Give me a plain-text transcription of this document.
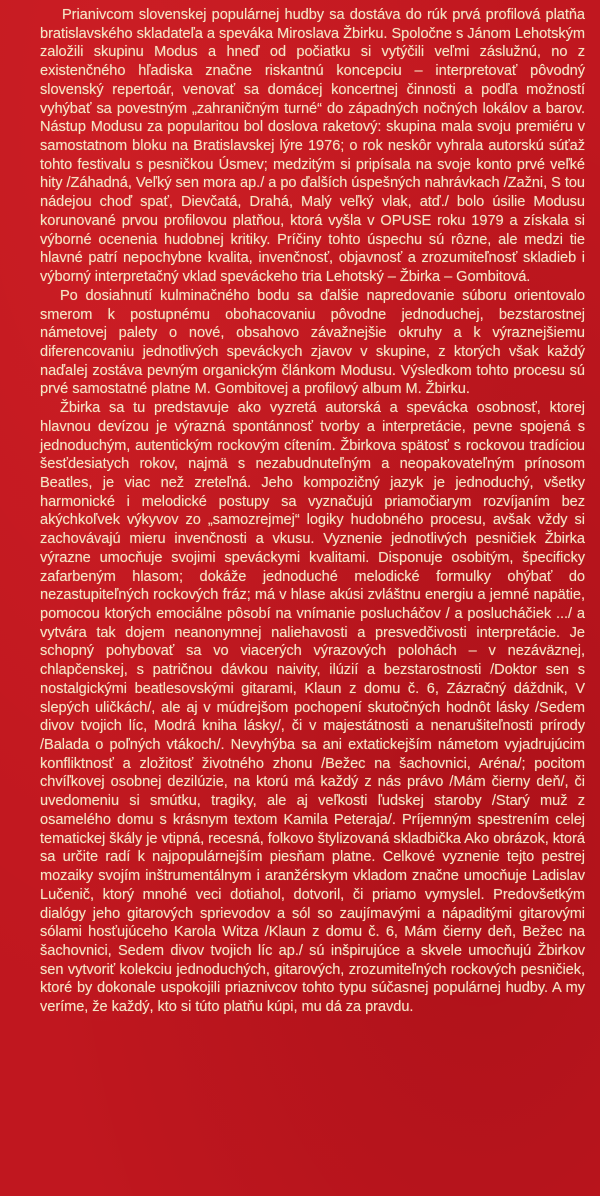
Prianivcom slovenskej populárnej hudby sa dostáva do rúk prvá profilová platňa bratislavského skladateľa a speváka Miroslava Žbirku. Spoločne s Jánom Lehotským založili skupinu Modus a hneď od počiatku si vytýčili veľmi záslužnú, no z existenčného hľadiska značne riskantnú koncepciu – interpretovať pôvodný slovenský repertoár, venovať sa domácej koncertnej činnosti a podľa možností vyhýbať sa povestným „zahraničným turné“ do západných nočných lokálov a barov. Nástup Modusu za popularitou bol doslova raketový: skupina mala svoju premiéru v samostatnom bloku na Bratislavskej lýre 1976; o rok neskôr vyhrala autorskú súťaž tohto festivalu s pesničkou Úsmev; medzitým si pripísala na svoje konto prvé veľké hity /Záhadná, Veľký sen mora ap./ a po ďalších úspešných nahrávkach /Zažni, S tou nádejou choď spať, Dievčatá, Drahá, Malý veľký vlak, atď./ bolo úsilie Modusu korunované prvou profilovou platňou, ktorá vyšla v OPUSE roku 1979 a získala si výborné ocenenia hudobnej kritiky. Príčiny tohto úspechu sú rôzne, ale medzi tie hlavné patrí nepochybne kvalita, invenčnosť, objavnosť a zrozumiteľnosť skladieb i výborný interpretačný vklad speváckeho tria Lehotský – Žbirka – Gombitová.

Po dosiahnutí kulminačného bodu sa ďalšie napredovanie súboru orientovalo smerom k postupnému obohacovaniu pôvodne jednoduchej, bezstarostnej námetovej palety o nové, obsahovo závažnejšie okruhy a k výraznejšiemu diferencovaniu jednotlivých speváckych zjavov v skupine, z ktorých však každý naďalej zostáva pevným organickým článkom Modusu. Výsledkom tohto procesu sú prvé samostatné platne M. Gombitovej a profilový album M. Žbirku.

Žbirka sa tu predstavuje ako vyzretá autorská a spevácka osobnosť, ktorej hlavnou devízou je výrazná spontánnosť tvorby a interpretácie, pevne spojená s jednoduchým, autentickým rockovým cítením. Žbirkova spätosť s rockovou tradíciou šesťdesiatych rokov, najmä s nezabudnuteľným a neopakovateľným prínosom Beatles, je viac než zreteľná. Jeho kompozičný jazyk je jednoduchý, všetky harmonické i melodické postupy sa vyznačujú priamočiarym rozvíjaním bez akýchkoľvek výkyvov zo „samozrejmej“ logiky hudobného procesu, avšak vždy si zachovávajú mieru invenčnosti a vkusu. Vyznenie jednotlivých pesničiek Žbirka výrazne umocňuje svojimi speváckymi kvalitami. Disponuje osobitým, špecificky zafarbeným hlasom; dokáže jednoduché melodické formulky ohýbať do nezastupiteľných rockových fráz; má v hlase akúsi zvláštnu energiu a jemné napätie, pomocou ktorých emociálne pôsobí na vnímanie poslucháčov / a poslucháčiek .../ a vytvára tak dojem neanonymnej naliehavosti a presvedčivosti interpretácie. Je schopný pohybovať sa vo viacerých výrazových polohách – v nezáväznej, chlapčenskej, s patričnou dávkou naivity, ilúzií a bezstarostnosti /Doktor sen s nostalgickými beatlesovskými gitarami, Klaun z domu č. 6, Zázračný dáždnik, V slepých uličkách/, ale aj v múdrejšom pochopení skutočných hodnôt lásky /Sedem divov tvojich líc, Modrá kniha lásky/, či v majestátnosti a nenarušiteľnosti prírody /Balada o poľných vtákoch/. Nevyhýba sa ani extatickejším námetom vyjadrujúcim konfliktnosť a zložitosť životného zhonu /Bežec na šachovnici, Aréna/; pocitom chvíľkovej osobnej dezilúzie, na ktorú má každý z nás právo /Mám čierny deň/, či uvedomeniu si smútku, tragiky, ale aj veľkosti ľudskej staroby /Starý muž z osamelého domu s krásnym textom Kamila Peteraja/. Príjemným spestrením celej tematickej škály je vtipná, recesná, folkovo štylizovaná skladbička Ako obrázok, ktorá sa určite radí k najpopulárnejším piesňam platne. Celkové vyznenie tejto pestrej mozaiky svojím inštrumentálnym i aranžérskym vkladom značne umocňuje Ladislav Lučenič, ktorý mnohé veci dotiahol, dotvoril, či priamo vymyslel. Predovšetkým dialógy jeho gitarových sprievodov a sól so zaujímavými a nápaditými gitarovými sólami hosťujúceho Karola Witza /Klaun z domu č. 6, Mám čierny deň, Bežec na šachovnici, Sedem divov tvojich líc ap./ sú inšpirujúce a skvele umocňujú Žbirkov sen vytvoriť kolekciu jednoduchých, gitarových, zrozumiteľných rockových pesničiek, ktoré by dokonale uspokojili priaznivcov tohto typu súčasnej populárnej hudby. A my veríme, že každý, kto si túto platňu kúpi, mu dá za pravdu.
